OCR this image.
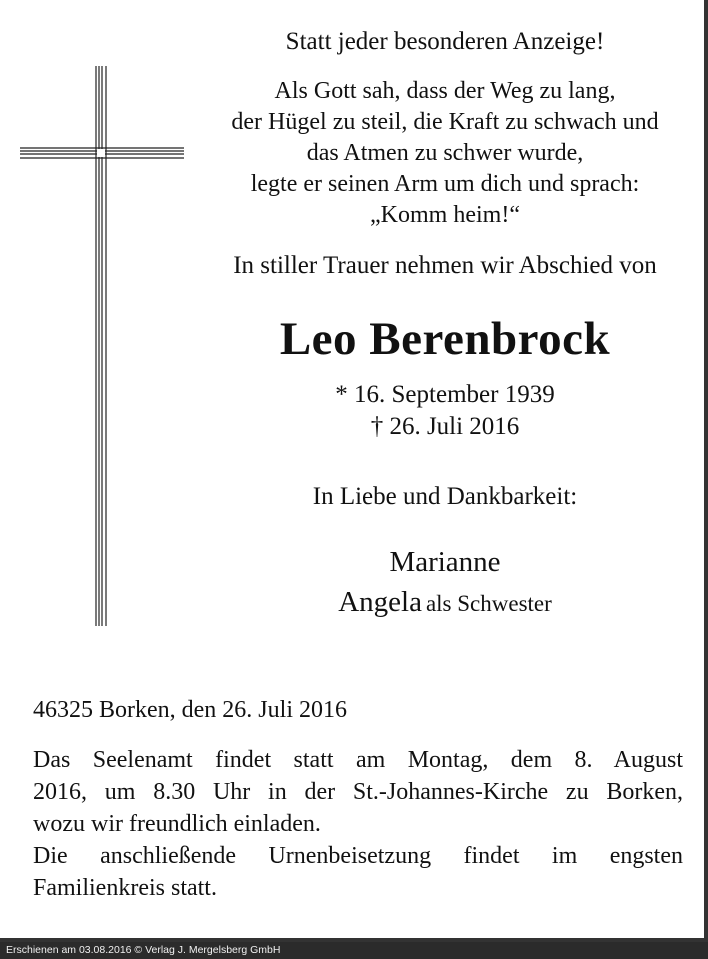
Statt jeder besonderen Anzeige!
Als Gott sah, dass der Weg zu lang,
der Hügel zu steil, die Kraft zu schwach und
das Atmen zu schwer wurde,
legte er seinen Arm um dich und sprach:
„Komm heim!“
In stiller Trauer nehmen wir Abschied von
Leo Berenbrock
* 16. September 1939
† 26. Juli 2016
In Liebe und Dankbarkeit:
Marianne
Angela als Schwester
46325 Borken, den 26. Juli 2016
Das Seelenamt findet statt am Montag, dem 8. August
2016, um 8.30 Uhr in der St.-Johannes-Kirche zu Borken,
wozu wir freundlich einladen.
Die anschließende Urnenbeisetzung findet im engsten
Familienkreis statt.
Erschienen am 03.08.2016 © Verlag J. Mergelsberg GmbH
